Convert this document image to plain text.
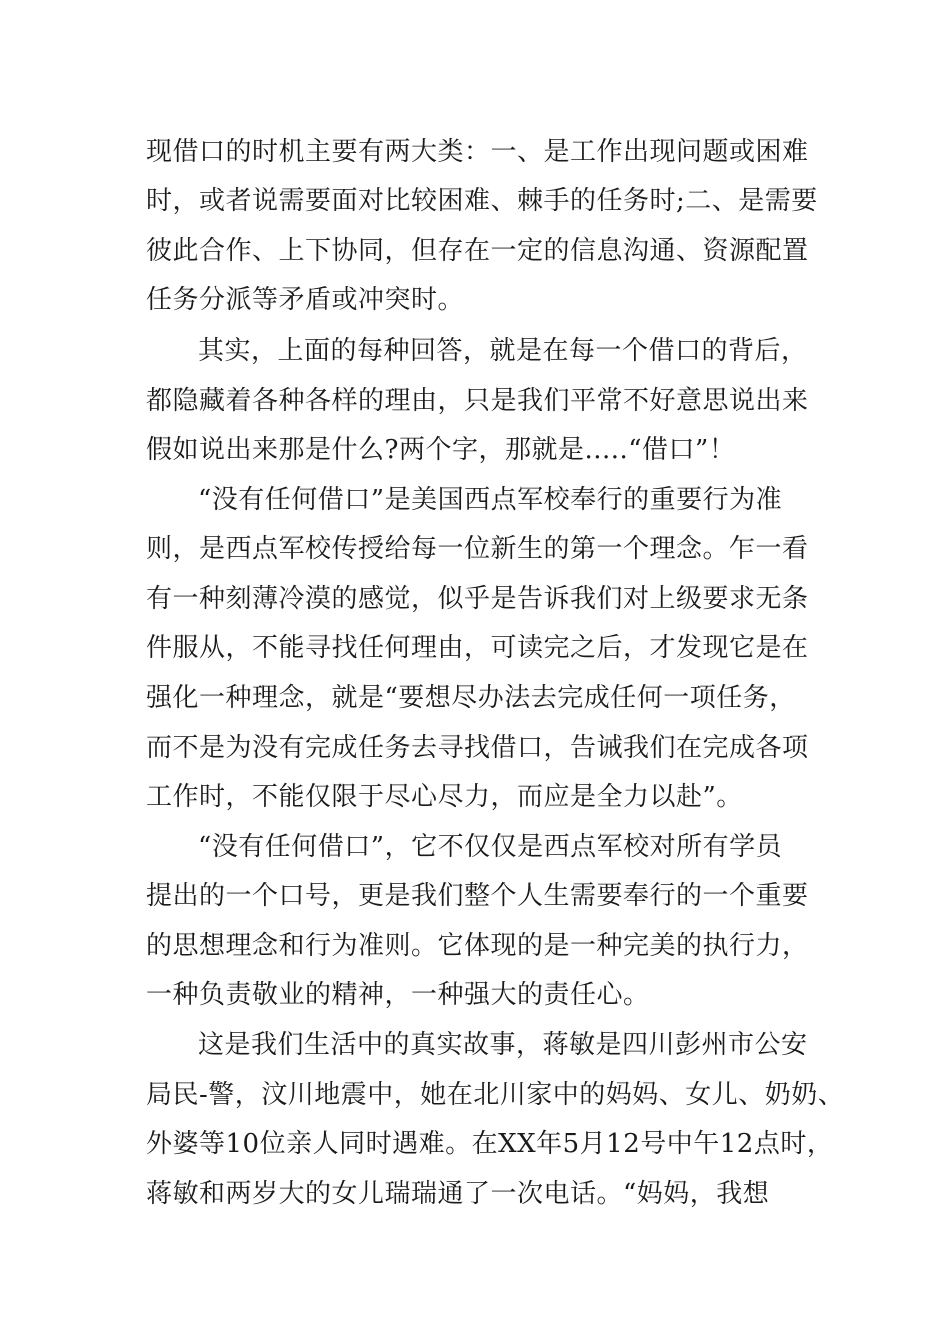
现借口的时机主要有两大类：一、是工作出现问题或困难
时，或者说需要面对比较困难、棘手的任务时;二、是需要
彼此合作、上下协同，但存在一定的信息沟通、资源配置
任务分派等矛盾或冲突时。
其实，上面的每种回答，就是在每一个借口的背后，
都隐藏着各种各样的理由，只是我们平常不好意思说出来
假如说出来那是什么?两个字，那就是.....“借口”！
“没有任何借口”是美国西点军校奉行的重要行为准
则，是西点军校传授给每一位新生的第一个理念。乍一看
有一种刻薄冷漠的感觉，似乎是告诉我们对上级要求无条
件服从，不能寻找任何理由，可读完之后，才发现它是在
强化一种理念，就是“要想尽办法去完成任何一项任务，
而不是为没有完成任务去寻找借口，告诫我们在完成各项
工作时，不能仅限于尽心尽力，而应是全力以赴”。
“没有任何借口”，它不仅仅是西点军校对所有学员
提出的一个口号，更是我们整个人生需要奉行的一个重要
的思想理念和行为准则。它体现的是一种完美的执行力，
一种负责敬业的精神，一种强大的责任心。
这是我们生活中的真实故事，蒋敏是四川彭州市公安
局民-警，汶川地震中，她在北川家中的妈妈、女儿、奶奶、
外婆等10位亲人同时遇难。在XX年5月12号中午12点时，
蒋敏和两岁大的女儿瑞瑞通了一次电话。“妈妈，我想
